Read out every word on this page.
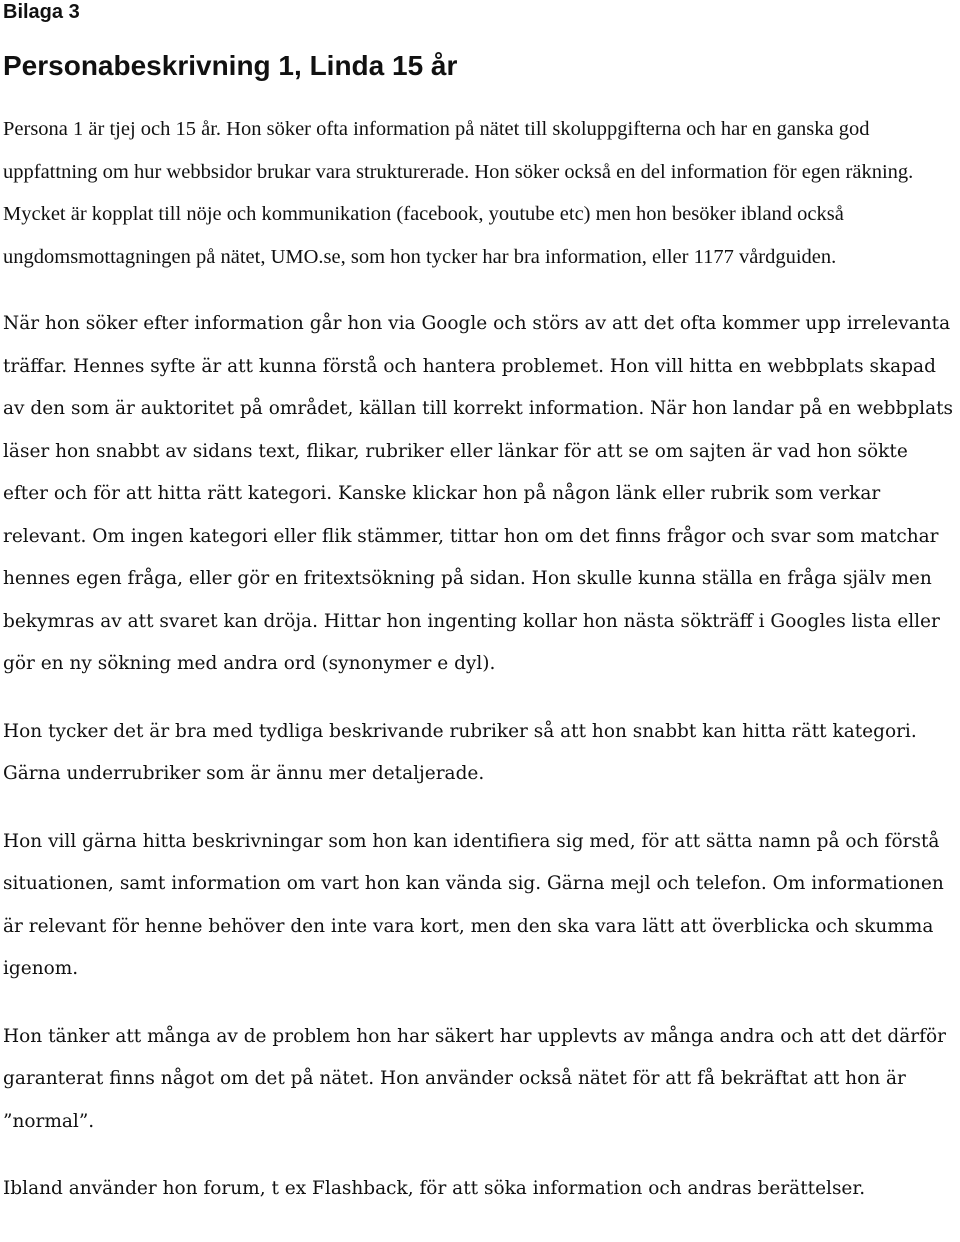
Bilaga 3
Personabeskrivning 1, Linda 15 år

Persona 1 är tjej och 15 år. Hon söker ofta information på nätet till skoluppgifterna och har en ganska god uppfattning om hur webbsidor brukar vara strukturerade. Hon söker också en del information för egen räkning. Mycket är kopplat till nöje och kommunikation (facebook, youtube etc) men hon besöker ibland också ungdomsmottagningen på nätet, UMO.se, som hon tycker har bra information, eller 1177 vårdguiden.

När hon söker efter information går hon via Google och störs av att det ofta kommer upp irrelevanta träffar. Hennes syfte är att kunna förstå och hantera problemet. Hon vill hitta en webbplats skapad av den som är auktoritet på området, källan till korrekt information. När hon landar på en webbplats läser hon snabbt av sidans text, flikar, rubriker eller länkar för att se om sajten är vad hon sökte efter och för att hitta rätt kategori. Kanske klickar hon på någon länk eller rubrik som verkar relevant. Om ingen kategori eller flik stämmer, tittar hon om det finns frågor och svar som matchar hennes egen fråga, eller gör en fritextsökning på sidan. Hon skulle kunna ställa en fråga själv men bekymras av att svaret kan dröja. Hittar hon ingenting kollar hon nästa sökträff i Googles lista eller gör en ny sökning med andra ord (synonymer e dyl).

Hon tycker det är bra med tydliga beskrivande rubriker så att hon snabbt kan hitta rätt kategori. Gärna underrubriker som är ännu mer detaljerade.

Hon vill gärna hitta beskrivningar som hon kan identifiera sig med, för att sätta namn på och förstå situationen, samt information om vart hon kan vända sig. Gärna mejl och telefon. Om informationen är relevant för henne behöver den inte vara kort, men den ska vara lätt att överblicka och skumma igenom.

Hon tänker att många av de problem hon har säkert har upplevts av många andra och att det därför garanterat finns något om det på nätet. Hon använder också nätet för att få bekräftat att hon är ”normal”.

Ibland använder hon forum, t ex Flashback, för att söka information och andras berättelser.
